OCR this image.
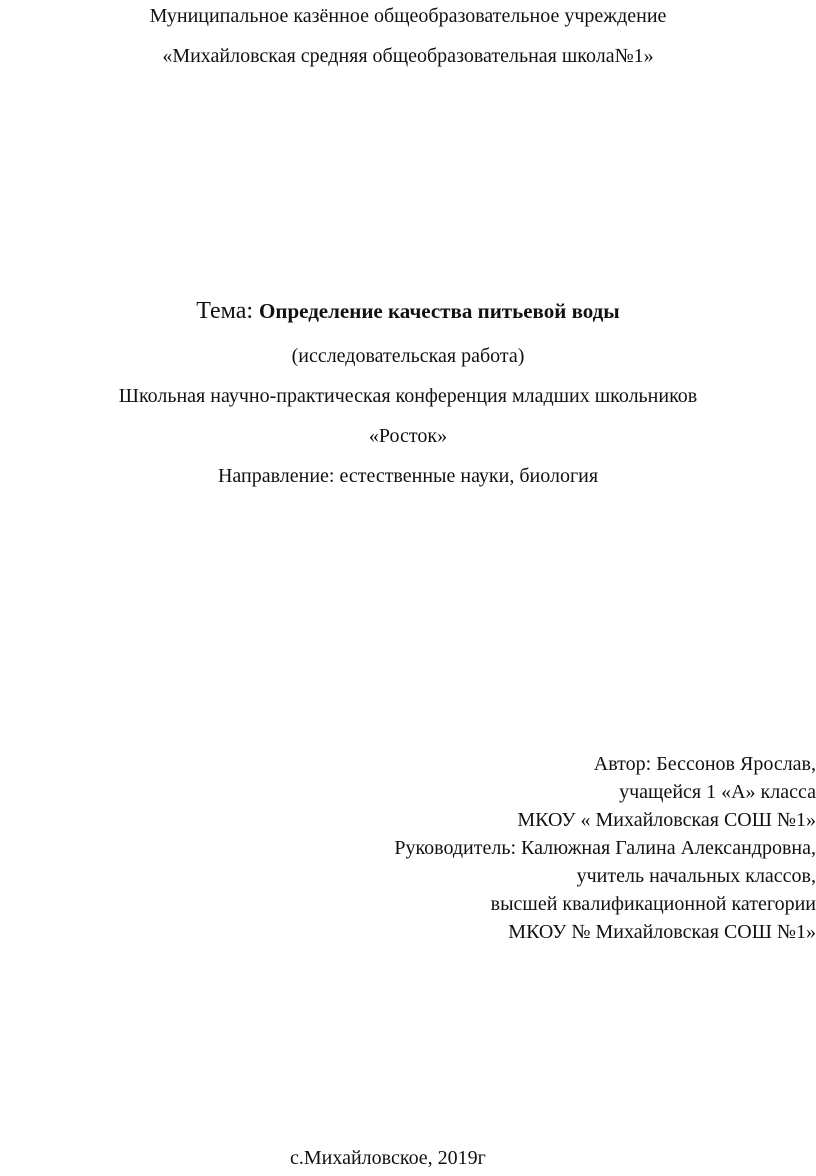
Муниципальное казённое общеобразовательное учреждение
«Михайловская средняя общеобразовательная школа№1»
Тема: Определение качества питьевой воды
(исследовательская работа)
Школьная научно-практическая конференция младших школьников
«Росток»
Направление: естественные науки, биология
Автор: Бессонов Ярослав,
учащейся 1 «А» класса
МКОУ « Михайловская СОШ №1»
Руководитель: Калюжная Галина Александровна,
учитель начальных классов,
высшей квалификационной категории
МКОУ № Михайловская СОШ №1»
с.Михайловское, 2019г
